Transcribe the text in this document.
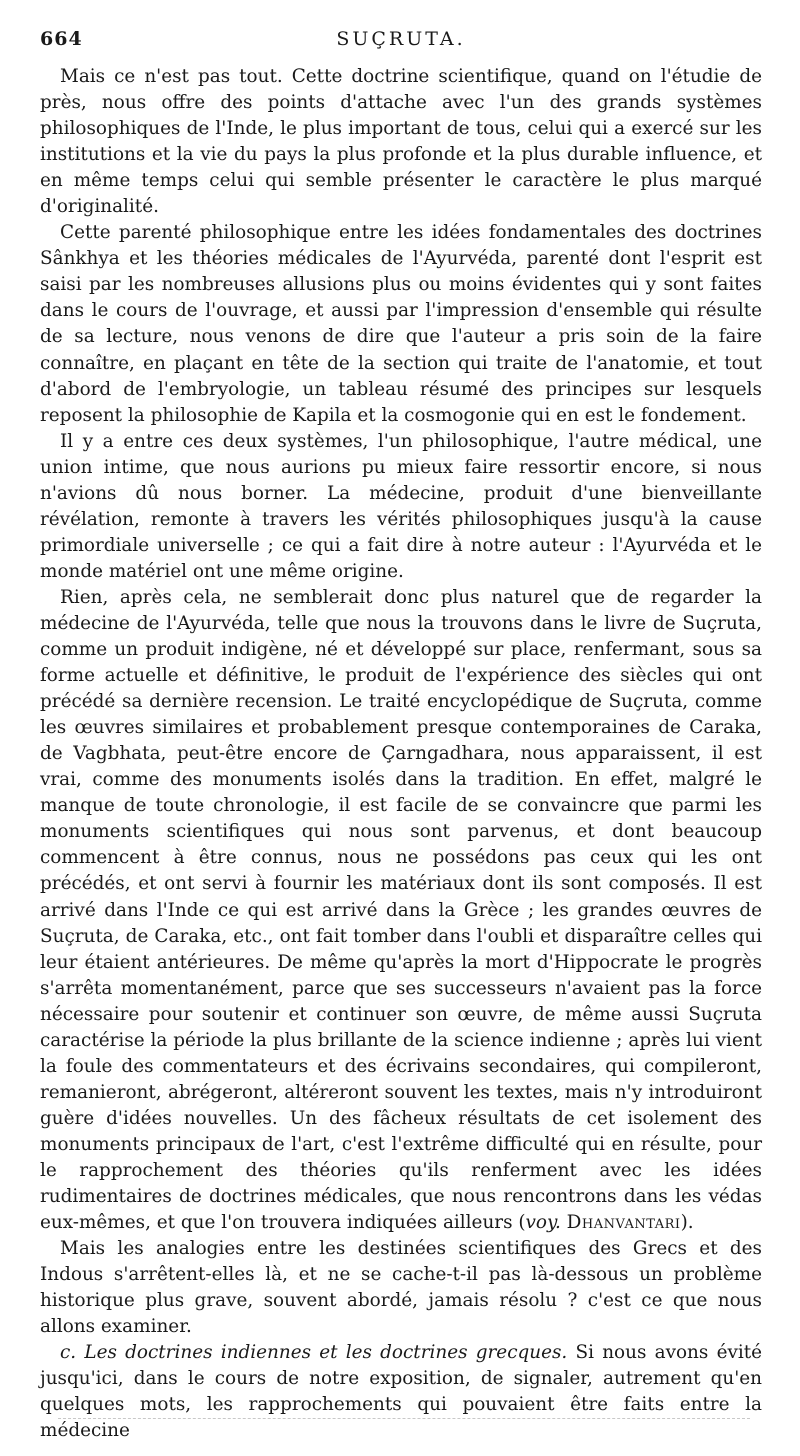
664	SUÇRUTA.

Mais ce n'est pas tout. Cette doctrine scientifique, quand on l'étudie de près, nous offre des points d'attache avec l'un des grands systèmes philosophiques de l'Inde, le plus important de tous, celui qui a exercé sur les institutions et la vie du pays la plus profonde et la plus durable influence, et en même temps celui qui semble présenter le caractère le plus marqué d'originalité.

Cette parenté philosophique entre les idées fondamentales des doctrines Sânkhya et les théories médicales de l'Ayurvéda, parenté dont l'esprit est saisi par les nombreuses allusions plus ou moins évidentes qui y sont faites dans le cours de l'ouvrage, et aussi par l'impression d'ensemble qui résulte de sa lecture, nous venons de dire que l'auteur a pris soin de la faire connaître, en plaçant en tête de la section qui traite de l'anatomie, et tout d'abord de l'embryologie, un tableau résumé des principes sur lesquels reposent la philosophie de Kapila et la cosmogonie qui en est le fondement.

Il y a entre ces deux systèmes, l'un philosophique, l'autre médical, une union intime, que nous aurions pu mieux faire ressortir encore, si nous n'avions dû nous borner. La médecine, produit d'une bienveillante révélation, remonte à travers les vérités philosophiques jusqu'à la cause primordiale universelle ; ce qui a fait dire à notre auteur : l'Ayurvéda et le monde matériel ont une même origine.

Rien, après cela, ne semblerait donc plus naturel que de regarder la médecine de l'Ayurvéda, telle que nous la trouvons dans le livre de Suçruta, comme un produit indigène, né et développé sur place, renfermant, sous sa forme actuelle et définitive, le produit de l'expérience des siècles qui ont précédé sa dernière recension. Le traité encyclopédique de Suçruta, comme les œuvres similaires et probablement presque contemporaines de Caraka, de Vagbhata, peut-être encore de Çarngadhara, nous apparaissent, il est vrai, comme des monuments isolés dans la tradition. En effet, malgré le manque de toute chronologie, il est facile de se convaincre que parmi les monuments scientifiques qui nous sont parvenus, et dont beaucoup commencent à être connus, nous ne possédons pas ceux qui les ont précédés, et ont servi à fournir les matériaux dont ils sont composés. Il est arrivé dans l'Inde ce qui est arrivé dans la Grèce ; les grandes œuvres de Suçruta, de Caraka, etc., ont fait tomber dans l'oubli et disparaître celles qui leur étaient antérieures. De même qu'après la mort d'Hippocrate le progrès s'arrêta momentanément, parce que ses successeurs n'avaient pas la force nécessaire pour soutenir et continuer son œuvre, de même aussi Suçruta caractérise la période la plus brillante de la science indienne ; après lui vient la foule des commentateurs et des écrivains secondaires, qui compileront, remanieront, abrégeront, altéreront souvent les textes, mais n'y introduiront guère d'idées nouvelles. Un des fâcheux résultats de cet isolement des monuments principaux de l'art, c'est l'extrême difficulté qui en résulte, pour le rapprochement des théories qu'ils renferment avec les idées rudimentaires de doctrines médicales, que nous rencontrons dans les védas eux-mêmes, et que l'on trouvera indiquées ailleurs (voy. Dhanvantari).

Mais les analogies entre les destinées scientifiques des Grecs et des Indous s'arrêtent-elles là, et ne se cache-t-il pas là-dessous un problème historique plus grave, souvent abordé, jamais résolu ? c'est ce que nous allons examiner.

c. Les doctrines indiennes et les doctrines grecques. Si nous avons évité jusqu'ici, dans le cours de notre exposition, de signaler, autrement qu'en quelques mots, les rapprochements qui pouvaient être faits entre la médecine
